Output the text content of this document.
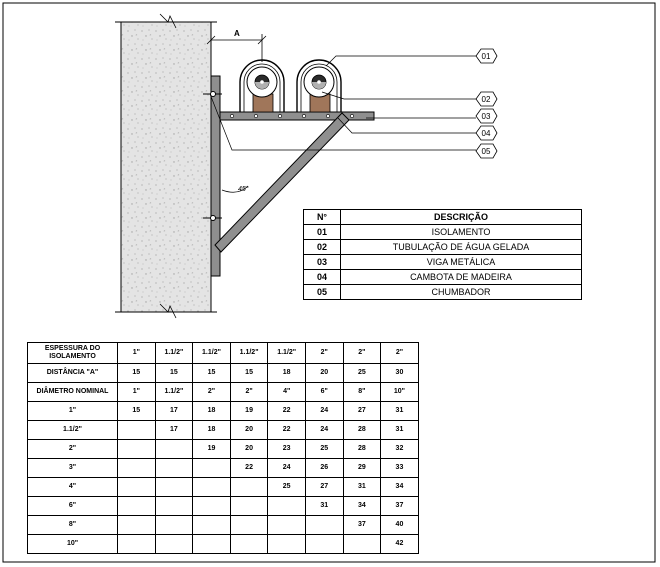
45°
A
01
02
03
04
05
N°	DESCRIÇÃO
01	ISOLAMENTO
02	TUBULAÇÃO DE ÁGUA GELADA
03	VIGA METÁLICA
04	CAMBOTA DE MADEIRA
05	CHUMBADOR
ESPESSURA DO ISOLAMENTO	1"	1.1/2"	1.1/2"	1.1/2"	1.1/2"	2"	2"	2"
DISTÂNCIA "A"	15	15	15	15	18	20	25	30
DIÂMETRO NOMINAL	1"	1.1/2"	2"	2"	4"	6"	8"	10"
1"	15	17	18	19	22	24	27	31
1.1/2"		17	18	20	22	24	28	31
2"			19	20	23	25	28	32
3"				22	24	26	29	33
4"					25	27	31	34
6"						31	34	37
8"							37	40
10"								42
